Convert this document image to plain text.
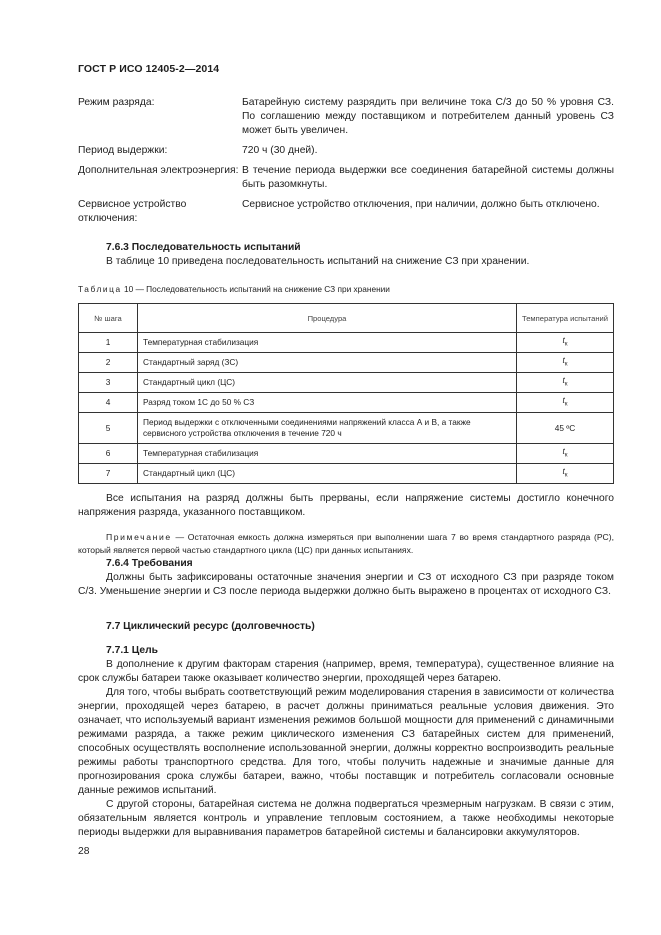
ГОСТ Р ИСО 12405-2—2014
Режим разряда:	Батарейную систему разрядить при величине тока С/3 до 50 % уровня СЗ. По соглашению между поставщиком и потребителем данный уровень СЗ может быть увеличен.
Период выдержки:	720 ч (30 дней).
Дополнительная электроэнергия: В течение периода выдержки все соединения батарейной системы должны быть разомкнуты.
Сервисное устройство отключения:
Сервисное устройство отключения, при наличии, должно быть отключено.

7.6.3 Последовательность испытаний

В таблице 10 приведена последовательность испытаний на снижение СЗ при хранении.

Таблица 10 — Последовательность испытаний на снижение СЗ при хранении
№ шага	Процедура	Температура испытаний
1	Температурная стабилизация	$t_к$
2	Стандартный заряд (ЗС)	$t_к$
3	Стандартный цикл (ЦС)	$t_к$
4	Разряд током 1С до 50 % СЗ	$t_к$
5	Период выдержки с отключенными соединениями напряжений класса А и В, а также сервисного устройства отключения в течение 720 ч	45 ºС
6	Температурная стабилизация	$t_к$
7	Стандартный цикл (ЦС)	$t_к$

Все испытания на разряд должны быть прерваны, если напряжение системы достигло конечного напряжения разряда, указанного поставщиком.

Примечание — Остаточная емкость должна измеряться при выполнении шага 7 во время стандартного разряда (РС), который является первой частью стандартного цикла (ЦС) при данных испытаниях.

7.6.4 Требования

Должны быть зафиксированы остаточные значения энергии и СЗ от исходного СЗ при разряде током С/3. Уменьшение энергии и СЗ после периода выдержки должно быть выражено в процентах от исходного СЗ.

7.7 Циклический ресурс (долговечность)

7.7.1 Цель

В дополнение к другим факторам старения (например, время, температура), существенное влияние на срок службы батареи также оказывает количество энергии, проходящей через батарею.

Для того, чтобы выбрать соответствующий режим моделирования старения в зависимости от количества энергии, проходящей через батарею, в расчет должны приниматься реальные условия движения. Это означает, что используемый вариант изменения режимов большой мощности для применений с динамичными режимами разряда, а также режим циклического изменения СЗ батарейных систем для применений, способных осуществлять восполнение использованной энергии, должны корректно воспроизводить реальные режимы работы транспортного средства. Для того, чтобы получить надежные и значимые данные для прогнозирования срока службы батареи, важно, чтобы поставщик и потребитель согласовали основные данные режимов испытаний.

С другой стороны, батарейная система не должна подвергаться чрезмерным нагрузкам. В связи с этим, обязательным является контроль и управление тепловым состоянием, а также необходимы некоторые периоды выдержки для выравнивания параметров батарейной системы и балансировки аккумуляторов.

28
